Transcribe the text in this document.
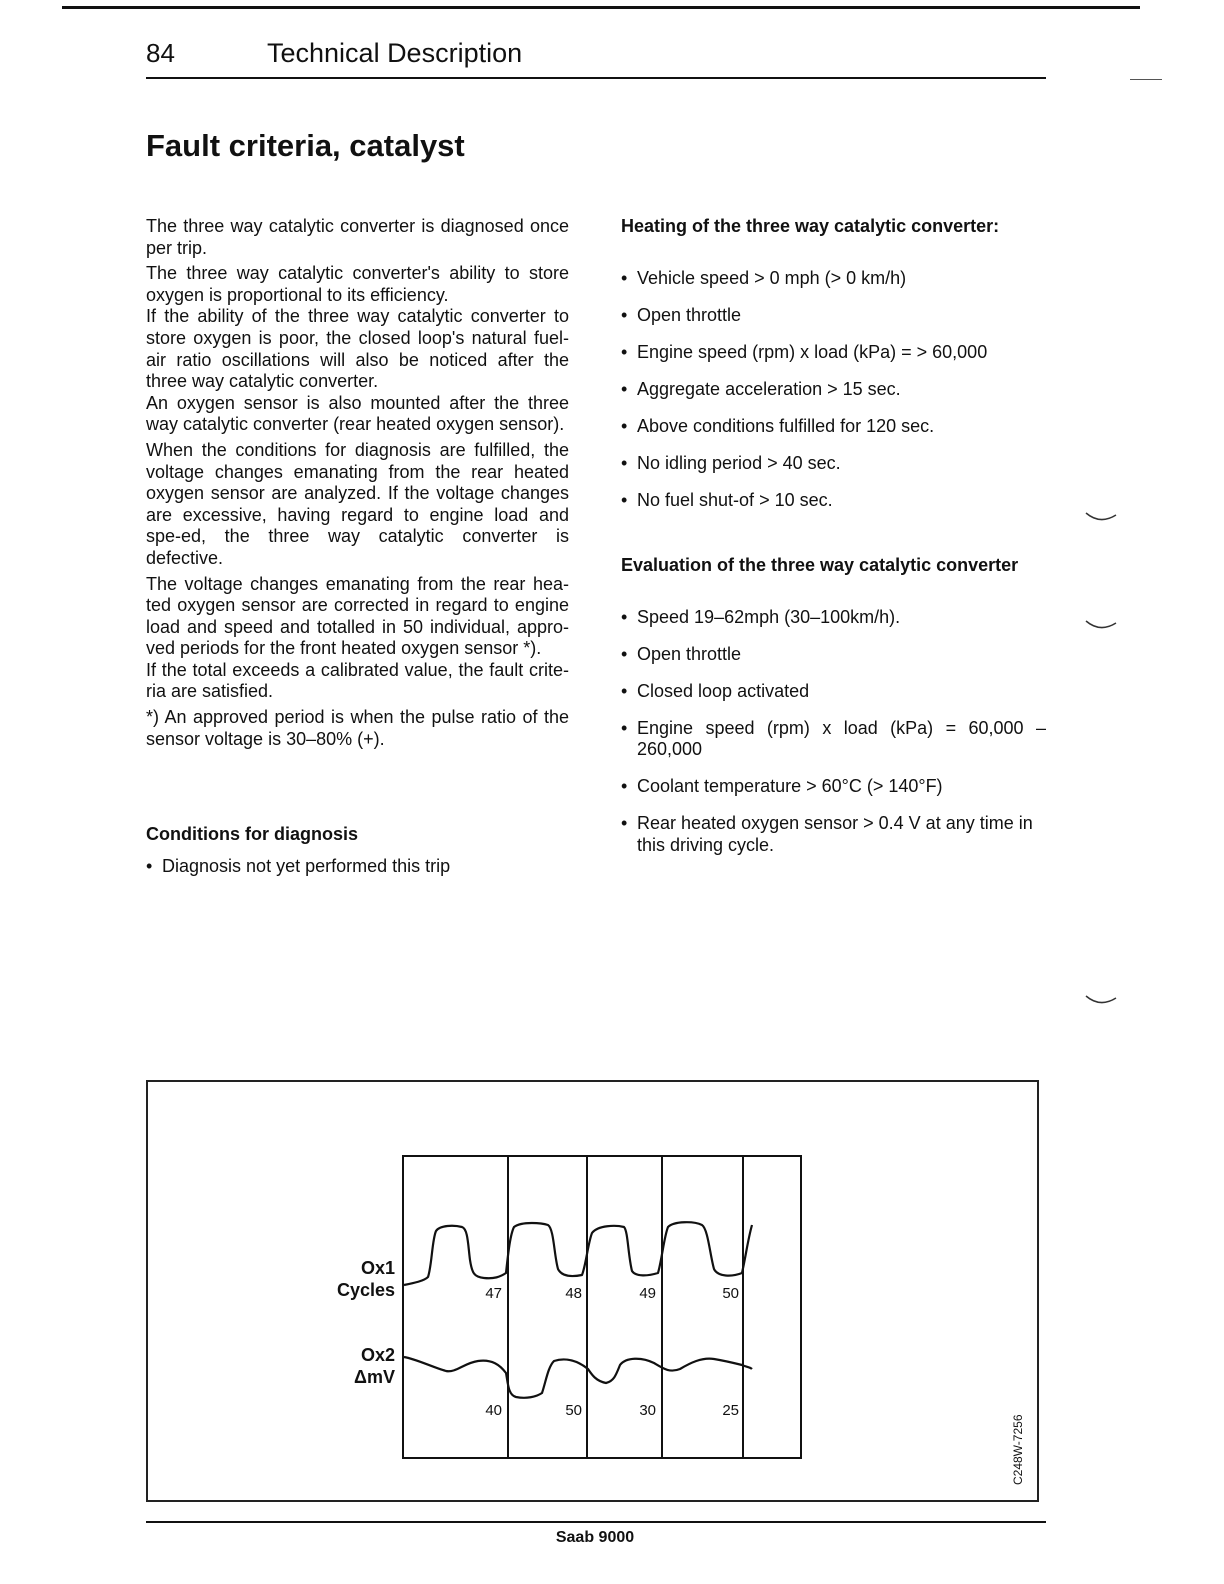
84	Technical Description
Fault criteria, catalyst

The three way catalytic converter is diagnosed once per trip.

The three way catalytic converter's ability to store oxygen is proportional to its efficiency.

If the ability of the three way catalytic converter to store oxygen is poor, the closed loop's natural fuel-air ratio oscillations will also be noticed after the three way catalytic converter.

An oxygen sensor is also mounted after the three way catalytic converter (rear heated oxygen sensor).

When the conditions for diagnosis are fulfilled, the voltage changes emanating from the rear heated oxygen sensor are analyzed. If the voltage changes are excessive, having regard to engine load and spe-ed, the three way catalytic converter is defective.

The voltage changes emanating from the rear hea-ted oxygen sensor are corrected in regard to engine load and speed and totalled in 50 individual, appro-ved periods for the front heated oxygen sensor *).

If the total exceeds a calibrated value, the fault crite-ria are satisfied.

*) An approved period is when the pulse ratio of the sensor voltage is 30–80% (+).

Conditions for diagnosis
• Diagnosis not yet performed this trip
Heating of the three way catalytic converter:
• Vehicle speed > 0 mph (> 0 km/h)
• Open throttle
• Engine speed (rpm) x load (kPa) = > 60,000
• Aggregate acceleration > 15 sec.
• Above conditions fulfilled for 120 sec.
• No idling period > 40 sec.
• No fuel shut-of > 10 sec.
Evaluation of the three way catalytic converter
• Speed 19–62mph (30–100km/h).
• Open throttle
• Closed loop activated
• Engine speed (rpm) x load (kPa) = 60,000 – 260,000
• Coolant temperature > 60°C (> 140°F)
• Rear heated oxygen sensor > 0.4 V at any time in this driving cycle.
Ox1
Cycles
Ox2
ΔmV
47	48	49	50
40	50	30	25
C248W-7256
Saab 9000
